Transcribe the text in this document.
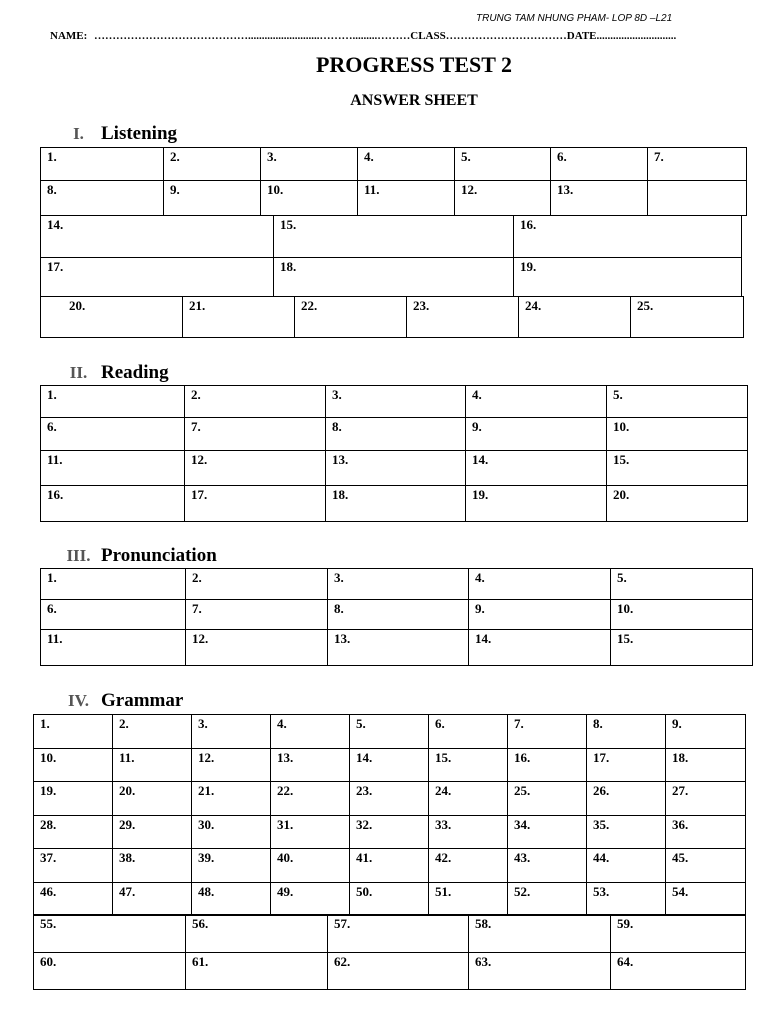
TRUNG TAM NHUNG PHAM- LOP 8D –L21
NAME: ……………………………………..........................……….........………CLASS……………………………DATE.............................
PROGRESS TEST 2
ANSWER SHEET
I. Listening
1.	2.	3.	4.	5.	6.	7.
8.	9.	10.	11.	12.	13.	
14.	15.	16.
17.	18.	19.
20.	21.	22.	23.	24.	25.
II. Reading
1.	2.	3.	4.	5.
6.	7.	8.	9.	10.
11.	12.	13.	14.	15.
16.	17.	18.	19.	20.
III. Pronunciation
1.	2.	3.	4.	5.
6.	7.	8.	9.	10.
11.	12.	13.	14.	15.
IV. Grammar
1.	2.	3.	4.	5.	6.	7.	8.	9.
10.	11.	12.	13.	14.	15.	16.	17.	18.
19.	20.	21.	22.	23.	24.	25.	26.	27.
28.	29.	30.	31.	32.	33.	34.	35.	36.
37.	38.	39.	40.	41.	42.	43.	44.	45.
46.	47.	48.	49.	50.	51.	52.	53.	54.
55.	56.	57.	58.	59.
60.	61.	62.	63.	64.
